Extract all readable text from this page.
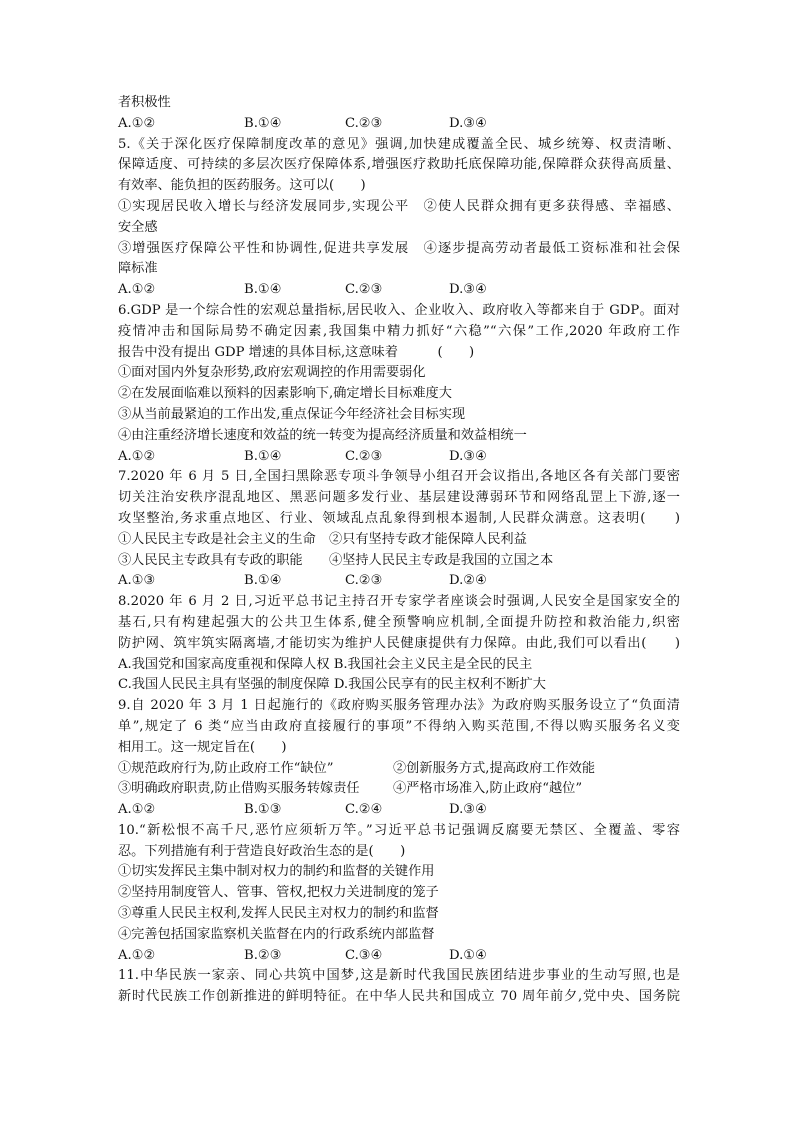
者积极性
A.①②	B.①④	C.②③	D.③④
5.《关于深化医疗保障制度改革的意见》强调,加快建成覆盖全民、城乡统筹、权责清晰、
保障适度、可持续的多层次医疗保障体系,增强医疗救助托底保障功能,保障群众获得高质量、
有效率、能负担的医药服务。这可以(　　)
①实现居民收入增长与经济发展同步,实现公平　②使人民群众拥有更多获得感、幸福感、
安全感
③增强医疗保障公平性和协调性,促进共享发展　④逐步提高劳动者最低工资标准和社会保
障标准
A.①②	B.①④	C.②③	D.③④
6.GDP 是一个综合性的宏观总量指标,居民收入、企业收入、政府收入等都来自于 GDP。面对
疫情冲击和国际局势不确定因素,我国集中精力抓好“六稳”“六保”工作,2020 年政府工作
报告中没有提出 GDP 增速的具体目标,这意味着　　　(　　)
①面对国内外复杂形势,政府宏观调控的作用需要弱化
②在发展面临难以预料的因素影响下,确定增长目标难度大
③从当前最紧迫的工作出发,重点保证今年经济社会目标实现
④由注重经济增长速度和效益的统一转变为提高经济质量和效益相统一
A.①②	B.①④	C.②③	D.③④
7.2020 年 6 月 5 日,全国扫黑除恶专项斗争领导小组召开会议指出,各地区各有关部门要密
切关注治安秩序混乱地区、黑恶问题多发行业、基层建设薄弱环节和网络乱罡上下游,逐一
攻坚整治,务求重点地区、行业、领域乱点乱象得到根本遏制,人民群众满意。这表明(　　)
①人民民主专政是社会主义的生命　②只有坚持专政才能保障人民利益
③人民民主专政具有专政的职能　　④坚持人民民主专政是我国的立国之本
A.①③	B.①④	C.②③	D.②④
8.2020 年 6 月 2 日,习近平总书记主持召开专家学者座谈会时强调,人民安全是国家安全的
基石,只有构建起强大的公共卫生体系,健全预警响应机制,全面提升防控和救治能力,织密
防护网、筑牢筑实隔离墙,才能切实为维护人民健康提供有力保障。由此,我们可以看出(　　)
A.我国党和国家高度重视和保障人权 B.我国社会主义民主是全民的民主
C.我国人民民主具有坚强的制度保障 D.我国公民享有的民主权利不断扩大
9.自 2020 年 3 月 1 日起施行的《政府购买服务管理办法》为政府购买服务设立了“负面清
单”,规定了 6 类“应当由政府直接履行的事项”不得纳入购买范围,不得以购买服务名义变
相用工。这一规定旨在(　　)
①规范政府行为,防止政府工作“缺位”	②创新服务方式,提高政府工作效能
③明确政府职责,防止借购买服务转嫁责任	④严格市场准入,防止政府“越位”
A.①②	B.①③	C.②④	D.③④
10.“新松恨不高千尺,恶竹应须斩万竿。”习近平总书记强调反腐要无禁区、全覆盖、零容
忍。下列措施有利于营造良好政治生态的是(　　)
①切实发挥民主集中制对权力的制约和监督的关键作用
②坚持用制度管人、管事、管权,把权力关进制度的笼子
③尊重人民民主权利,发挥人民民主对权力的制约和监督
④完善包括国家监察机关监督在内的行政系统内部监督
A.①②	B.②③	C.③④	D.①④
11.中华民族一家亲、同心共筑中国梦,这是新时代我国民族团结进步事业的生动写照,也是
新时代民族工作创新推进的鲜明特征。在中华人民共和国成立 70 周年前夕,党中央、国务院
